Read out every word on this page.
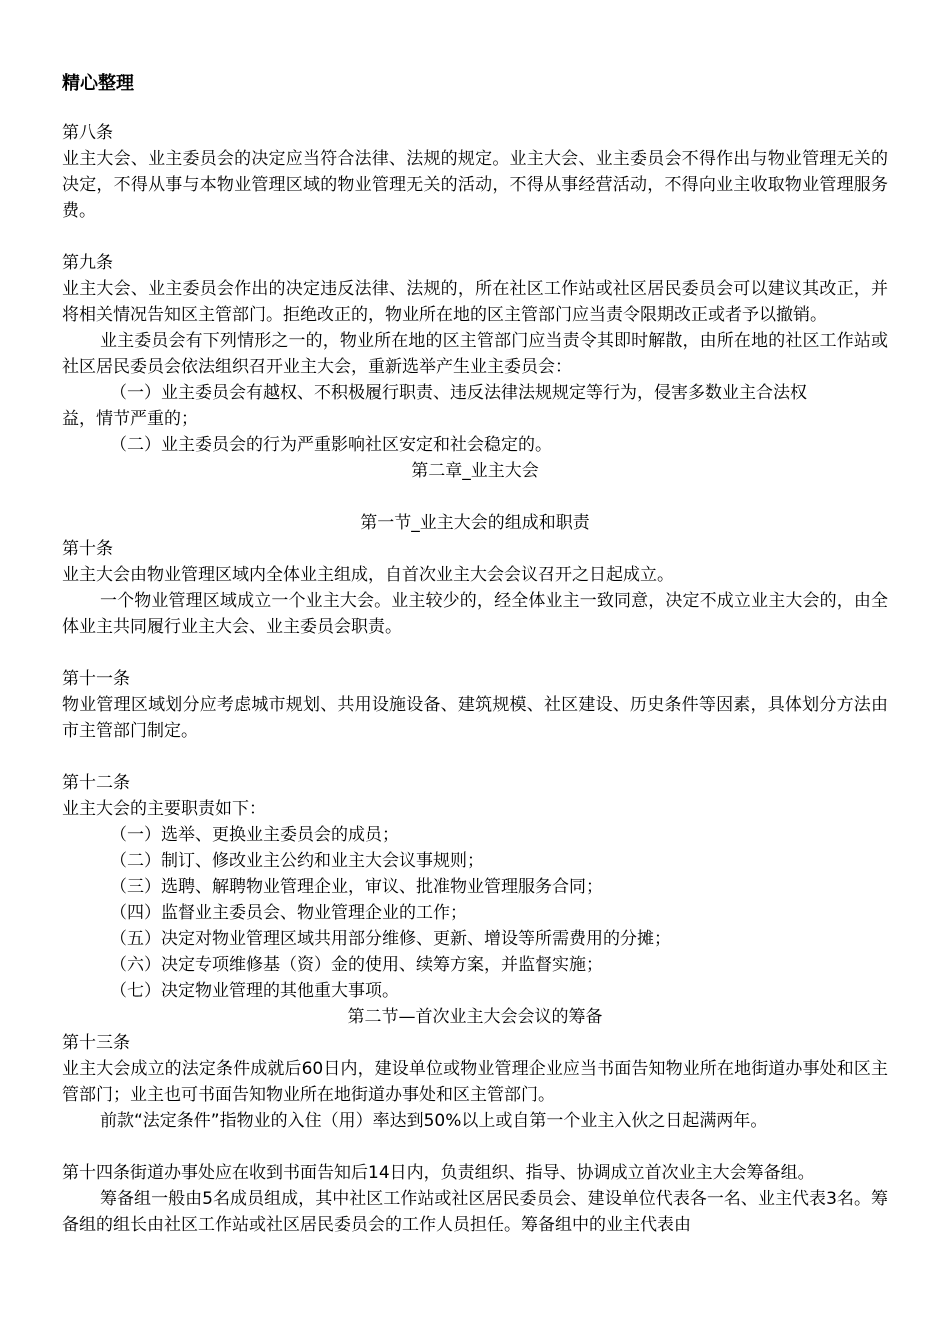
精心整理

第八条

业主大会、业主委员会的决定应当符合法律、法规的规定。业主大会、业主委员会不得作出与物业管理无关的决定，不得从事与本物业管理区域的物业管理无关的活动，不得从事经营活动，不得向业主收取物业管理服务费。

第九条

业主大会、业主委员会作出的决定违反法律、法规的，所在社区工作站或社区居民委员会可以建议其改正，并将相关情况告知区主管部门。拒绝改正的，物业所在地的区主管部门应当责令限期改正或者予以撤销。

业主委员会有下列情形之一的，物业所在地的区主管部门应当责令其即时解散，由所在地的社区工作站或社区居民委员会依法组织召开业主大会，重新选举产生业主委员会：

（一）业主委员会有越权、不积极履行职责、违反法律法规规定等行为，侵害多数业主合法权

益，情节严重的；

（二）业主委员会的行为严重影响社区安定和社会稳定的。

第二章_业主大会

第一节_业主大会的组成和职责

第十条

业主大会由物业管理区域内全体业主组成，自首次业主大会会议召开之日起成立。

一个物业管理区域成立一个业主大会。业主较少的，经全体业主一致同意，决定不成立业主大会的，由全体业主共同履行业主大会、业主委员会职责。

第十一条

物业管理区域划分应考虑城市规划、共用设施设备、建筑规模、社区建设、历史条件等因素，具体划分方法由市主管部门制定。

第十二条

业主大会的主要职责如下：

（一）选举、更换业主委员会的成员；

（二）制订、修改业主公约和业主大会议事规则；

（三）选聘、解聘物业管理企业，审议、批准物业管理服务合同；

（四）监督业主委员会、物业管理企业的工作；

（五）决定对物业管理区域共用部分维修、更新、增设等所需费用的分摊；

（六）决定专项维修基（资）金的使用、续筹方案，并监督实施；

（七）决定物业管理的其他重大事项。

第二节—首次业主大会会议的筹备

第十三条

业主大会成立的法定条件成就后60日内，建设单位或物业管理企业应当书面告知物业所在地街道办事处和区主管部门；业主也可书面告知物业所在地街道办事处和区主管部门。

前款“法定条件”指物业的入住（用）率达到50%以上或自第一个业主入伙之日起满两年。

第十四条街道办事处应在收到书面告知后14日内，负责组织、指导、协调成立首次业主大会筹备组。

筹备组一般由5名成员组成，其中社区工作站或社区居民委员会、建设单位代表各一名、业主代表3名。筹备组的组长由社区工作站或社区居民委员会的工作人员担任。筹备组中的业主代表由
